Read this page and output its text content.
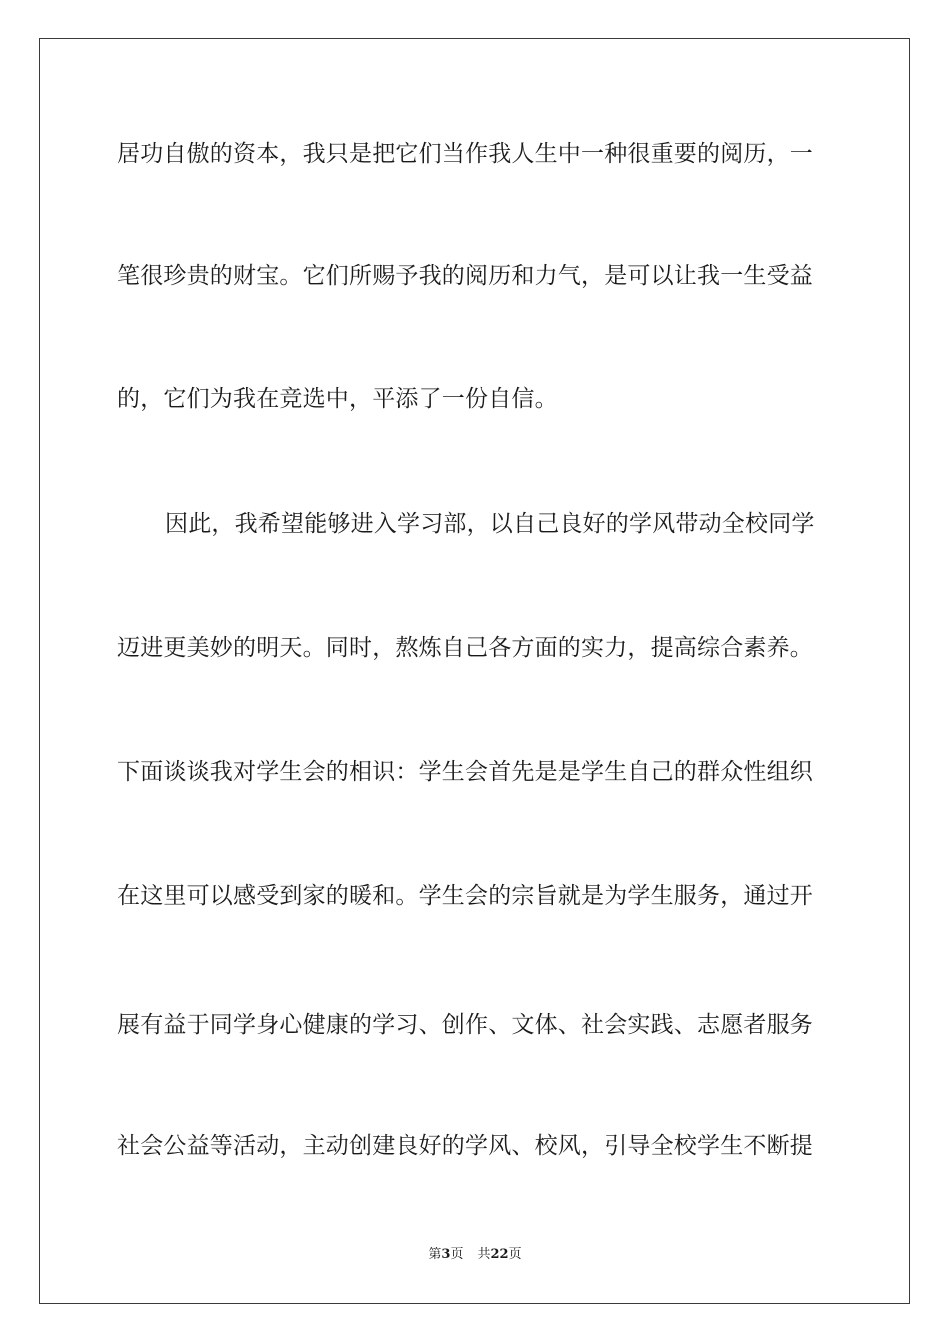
居功自傲的资本，我只是把它们当作我人生中一种很重要的阅历，一
笔很珍贵的财宝。它们所赐予我的阅历和力气，是可以让我一生受益
的，它们为我在竞选中，平添了一份自信。
因此，我希望能够进入学习部，以自己良好的学风带动全校同学
迈进更美妙的明天。同时，熬炼自己各方面的实力，提高综合素养。
下面谈谈我对学生会的相识：学生会首先是是学生自己的群众性组织
在这里可以感受到家的暖和。学生会的宗旨就是为学生服务，通过开
展有益于同学身心健康的学习、创作、文体、社会实践、志愿者服务
社会公益等活动，主动创建良好的学风、校风，引导全校学生不断提
第3页 共22页
